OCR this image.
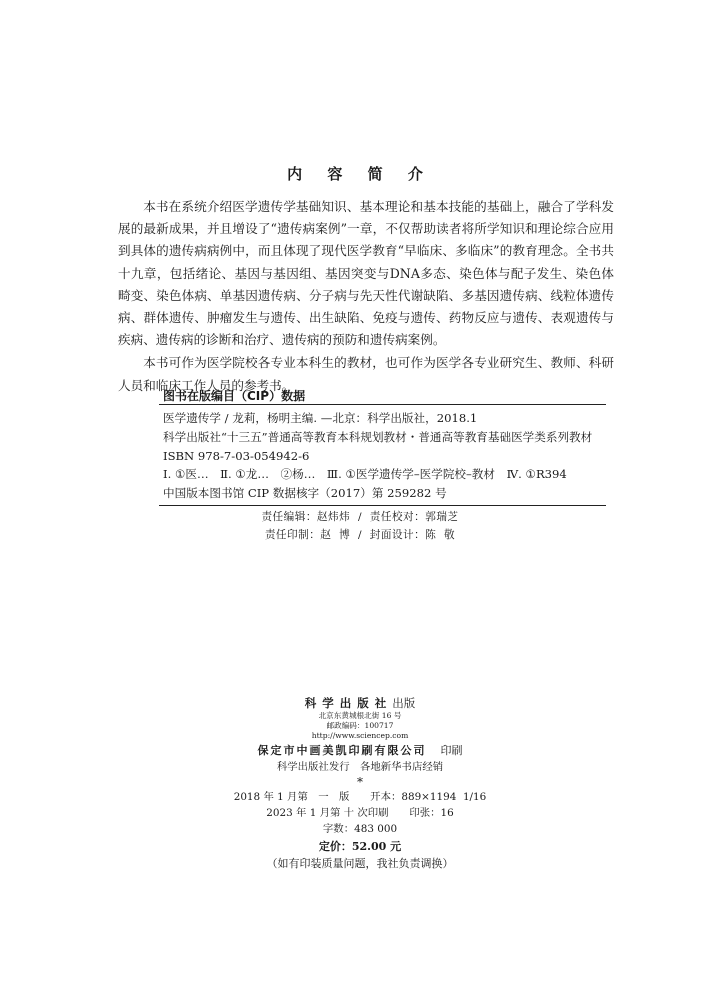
内 容 简 介

本书在系统介绍医学遗传学基础知识、基本理论和基本技能的基础上，融合了学科发展的最新成果，并且增设了“遗传病案例”一章，不仅帮助读者将所学知识和理论综合应用到具体的遗传病病例中，而且体现了现代医学教育“早临床、多临床”的教育理念。全书共十九章，包括绪论、基因与基因组、基因突变与DNA多态、染色体与配子发生、染色体畸变、染色体病、单基因遗传病、分子病与先天性代谢缺陷、多基因遗传病、线粒体遗传病、群体遗传、肿瘤发生与遗传、出生缺陷、免疫与遗传、药物反应与遗传、表观遗传与疾病、遗传病的诊断和治疗、遗传病的预防和遗传病案例。

本书可作为医学院校各专业本科生的教材，也可作为医学各专业研究生、教师、科研人员和临床工作人员的参考书。

图书在版编目（CIP）数据
医学遗传学 / 龙莉，杨明主编. —北京：科学出版社，2018.1
科学出版社“十三五”普通高等教育本科规划教材・普通高等教育基础医学类系列教材
ISBN 978-7-03-054942-6
Ⅰ. ①医…　Ⅱ. ①龙…　②杨…　Ⅲ. ①医学遗传学–医学院校–教材　Ⅳ. ①R394
中国版本图书馆 CIP 数据核字（2017）第 259282 号
责任编辑：赵炜炜  /  责任校对：郭瑞芝
责任印制：赵  博  /  封面设计：陈  敬
科学出版社出版
北京东黄城根北街 16 号
邮政编码：100717
http://www.sciencep.com
保定市中画美凯印刷有限公司 印刷
科学出版社发行　各地新华书店经销
*
2018 年 1 月第　一　版　　开本：889×1194  1/16
2023 年 1 月第 十 次印刷　　印张：16
字数：483 000
定价：52.00 元
（如有印装质量问题，我社负责调换）
